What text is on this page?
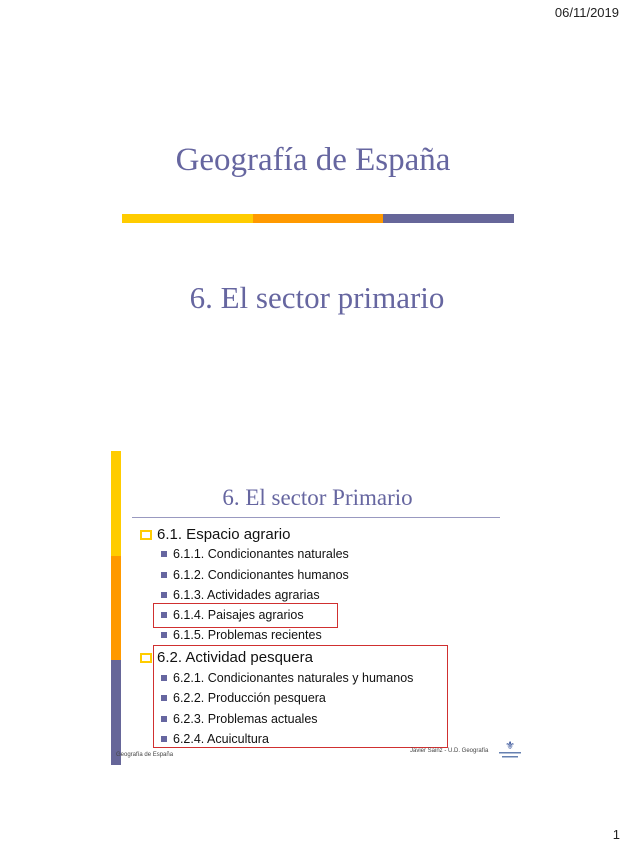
06/11/2019
Geografía de España
6. El sector primario
6. El sector Primario
6.1. Espacio agrario
6.1.1. Condicionantes naturales
6.1.2. Condicionantes humanos
6.1.3. Actividades agrarias
6.1.4. Paisajes agrarios
6.1.5. Problemas recientes
6.2. Actividad pesquera
6.2.1. Condicionantes naturales y humanos
6.2.2. Producción pesquera
6.2.3. Problemas actuales
6.2.4. Acuicultura
Geografía de España
Javier Sainz - U.D. Geografía ⚜
1
